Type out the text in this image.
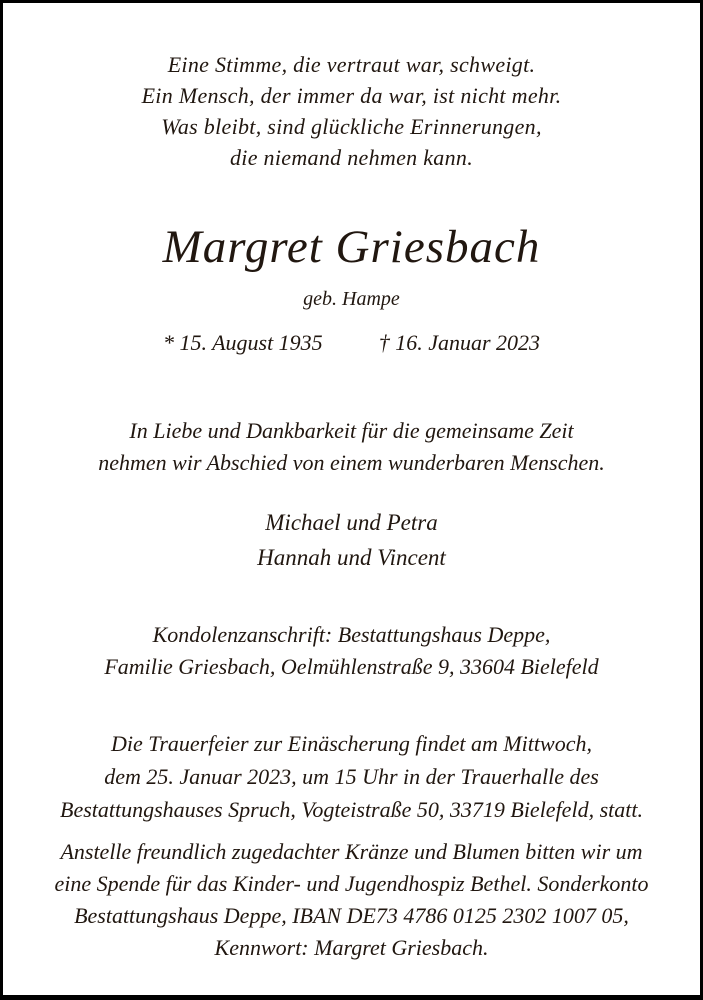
Eine Stimme, die vertraut war, schweigt.
Ein Mensch, der immer da war, ist nicht mehr.
Was bleibt, sind glückliche Erinnerungen,
die niemand nehmen kann.
Margret Griesbach
geb. Hampe
* 15. August 1935	† 16. Januar 2023
In Liebe und Dankbarkeit für die gemeinsame Zeit
nehmen wir Abschied von einem wunderbaren Menschen.
Michael und Petra
Hannah und Vincent
Kondolenzanschrift: Bestattungshaus Deppe,
Familie Griesbach, Oelmühlenstraße 9, 33604 Bielefeld
Die Trauerfeier zur Einäscherung findet am Mittwoch,
dem 25. Januar 2023, um 15 Uhr in der Trauerhalle des
Bestattungshauses Spruch, Vogteistraße 50, 33719 Bielefeld, statt.
Anstelle freundlich zugedachter Kränze und Blumen bitten wir um
eine Spende für das Kinder- und Jugendhospiz Bethel. Sonderkonto
Bestattungshaus Deppe, IBAN DE73 4786 0125 2302 1007 05,
Kennwort: Margret Griesbach.
